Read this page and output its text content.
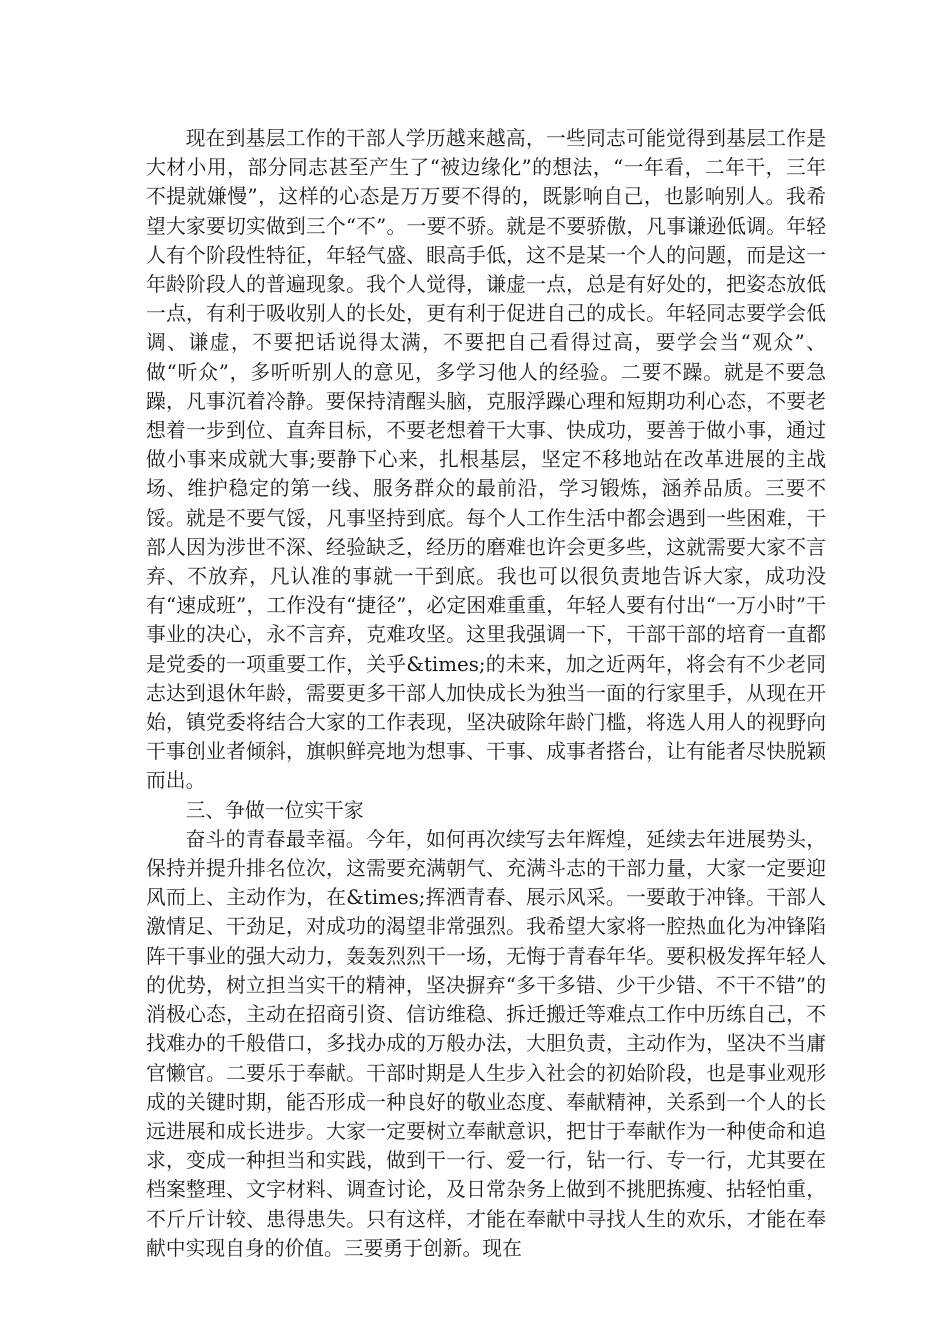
现在到基层工作的干部人学历越来越高，一些同志可能觉得到基层工作是大材小用，部分同志甚至产生了“被边缘化”的想法，“一年看，二年干，三年不提就嫌慢”，这样的心态是万万要不得的，既影响自己，也影响别人。我希望大家要切实做到三个“不”。一要不骄。就是不要骄傲，凡事谦逊低调。年轻人有个阶段性特征，年轻气盛、眼高手低，这不是某一个人的问题，而是这一年龄阶段人的普遍现象。我个人觉得，谦虚一点，总是有好处的，把姿态放低一点，有利于吸收别人的长处，更有利于促进自己的成长。年轻同志要学会低调、谦虚，不要把话说得太满，不要把自己看得过高，要学会当“观众”、做“听众”，多听听别人的意见，多学习他人的经验。二要不躁。就是不要急躁，凡事沉着冷静。要保持清醒头脑，克服浮躁心理和短期功利心态，不要老想着一步到位、直奔目标，不要老想着干大事、快成功，要善于做小事，通过做小事来成就大事;要静下心来，扎根基层，坚定不移地站在改革进展的主战场、维护稳定的第一线、服务群众的最前沿，学习锻炼，涵养品质。三要不馁。就是不要气馁，凡事坚持到底。每个人工作生活中都会遇到一些困难，干部人因为涉世不深、经验缺乏，经历的磨难也许会更多些，这就需要大家不言弃、不放弃，凡认准的事就一干到底。我也可以很负责地告诉大家，成功没有“速成班”，工作没有“捷径”，必定困难重重，年轻人要有付出“一万小时”干事业的决心，永不言弃，克难攻坚。这里我强调一下，干部干部的培育一直都是党委的一项重要工作，关乎&times;的未来，加之近两年，将会有不少老同志达到退休年龄，需要更多干部人加快成长为独当一面的行家里手，从现在开始，镇党委将结合大家的工作表现，坚决破除年龄门槛，将选人用人的视野向干事创业者倾斜，旗帜鲜亮地为想事、干事、成事者搭台，让有能者尽快脱颖而出。

三、争做一位实干家

奋斗的青春最幸福。今年，如何再次续写去年辉煌，延续去年进展势头，保持并提升排名位次，这需要充满朝气、充满斗志的干部力量，大家一定要迎风而上、主动作为，在&times;挥洒青春、展示风采。一要敢于冲锋。干部人激情足、干劲足，对成功的渴望非常强烈。我希望大家将一腔热血化为冲锋陷阵干事业的强大动力，轰轰烈烈干一场，无悔于青春年华。要积极发挥年轻人的优势，树立担当实干的精神，坚决摒弃“多干多错、少干少错、不干不错”的消极心态，主动在招商引资、信访维稳、拆迁搬迁等难点工作中历练自己，不找难办的千般借口，多找办成的万般办法，大胆负责，主动作为，坚决不当庸官懒官。二要乐于奉献。干部时期是人生步入社会的初始阶段，也是事业观形成的关键时期，能否形成一种良好的敬业态度、奉献精神，关系到一个人的长远进展和成长进步。大家一定要树立奉献意识，把甘于奉献作为一种使命和追求，变成一种担当和实践，做到干一行、爱一行，钻一行、专一行，尤其要在档案整理、文字材料、调查讨论，及日常杂务上做到不挑肥拣瘦、拈轻怕重，不斤斤计较、患得患失。只有这样，才能在奉献中寻找人生的欢乐，才能在奉献中实现自身的价值。三要勇于创新。现在
